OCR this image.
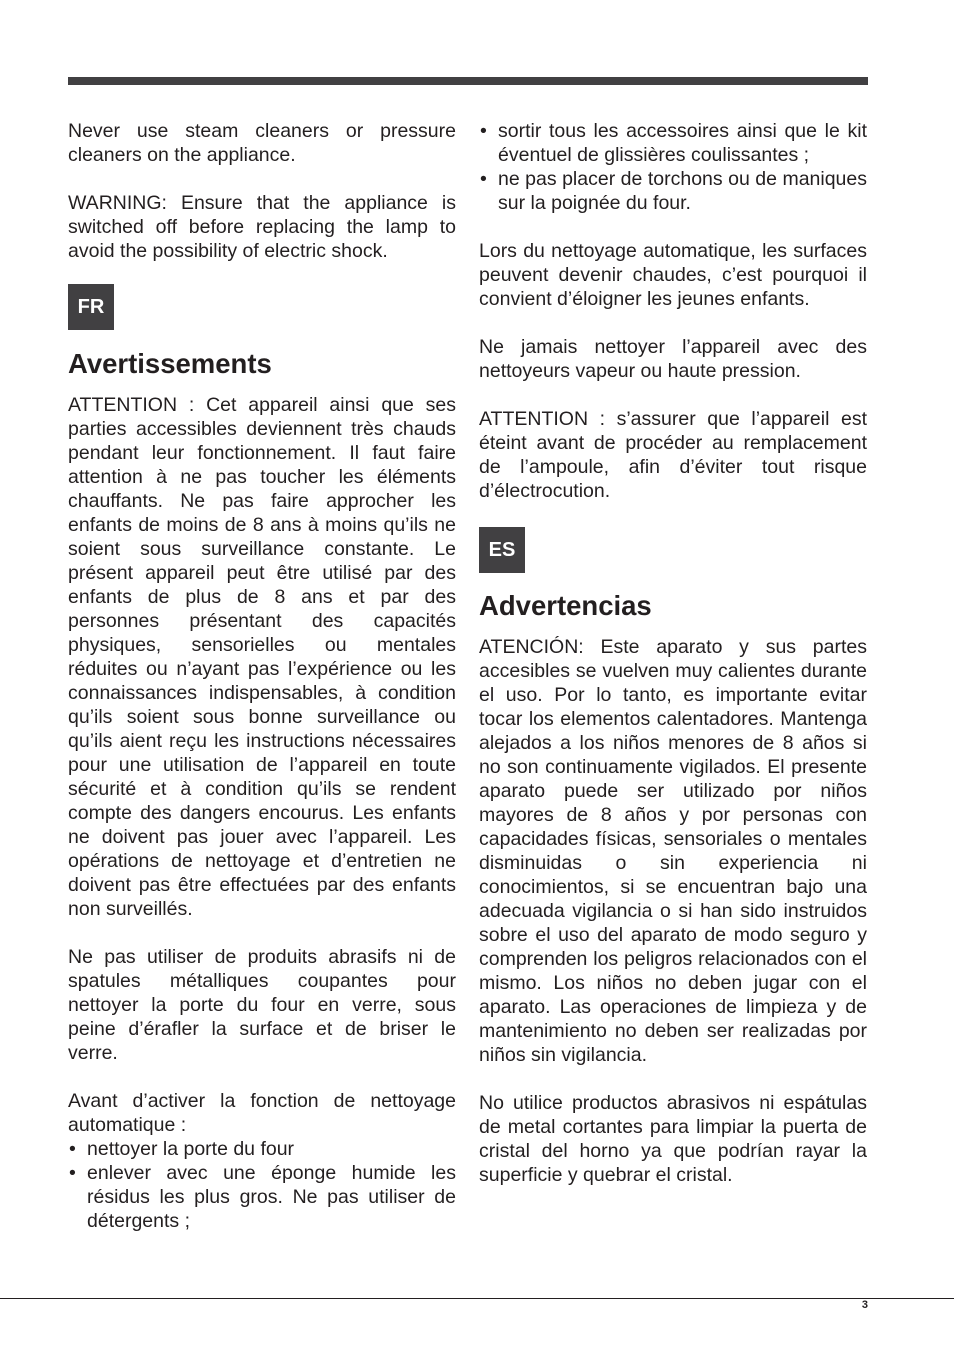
Never use steam cleaners or pressure cleaners on the appliance.

WARNING: Ensure that the appliance is switched off before replacing the lamp to avoid the possibility of electric shock.

FR
Avertissements

ATTENTION : Cet appareil ainsi que ses parties accessibles deviennent très chauds pendant leur fonctionnement. Il faut faire attention à ne pas toucher les éléments chauffants. Ne pas faire approcher les enfants de moins de 8 ans à moins qu’ils ne soient sous surveillance constante. Le présent appareil peut être utilisé par des enfants de plus de 8 ans et par des personnes présentant des capacités physiques, sensorielles ou mentales réduites ou n’ayant pas l’expérience ou les connaissances indispensables, à condition qu’ils soient sous bonne surveillance ou qu’ils aient reçu les instructions nécessaires pour une utilisation de l’appareil en toute sécurité et à condition qu’ils se rendent compte des dangers encourus. Les enfants ne doivent pas jouer avec l’appareil. Les opérations de nettoyage et d’entretien ne doivent pas être effectuées par des enfants non surveillés.

Ne pas utiliser de produits abrasifs ni de spatules métalliques coupantes pour nettoyer la porte du four en verre, sous peine d’érafler la surface et de briser le verre.

Avant d’activer la fonction de nettoyage automatique :

• nettoyer la porte du four
• enlever avec une éponge humide les résidus les plus gros. Ne pas utiliser de détergents ;
• sortir tous les accessoires ainsi que le kit éventuel de glissières coulissantes ;
• ne pas placer de torchons ou de maniques sur la poignée du four.

Lors du nettoyage automatique, les surfaces peuvent devenir chaudes, c’est pourquoi il convient d’éloigner les jeunes enfants.

Ne jamais nettoyer l’appareil avec des nettoyeurs vapeur ou haute pression.

ATTENTION : s’assurer que l’appareil est éteint avant de procéder au remplacement de l’ampoule, afin d’éviter tout risque d’électrocution.

ES
Advertencias

ATENCIÓN: Este aparato y sus partes accesibles se vuelven muy calientes durante el uso. Por lo tanto, es importante evitar tocar los elementos calentadores. Mantenga alejados a los niños menores de 8 años si no son continuamente vigilados. El presente aparato puede ser utilizado por niños mayores de 8 años y por personas con capacidades físicas, sensoriales o mentales disminuidas o sin experiencia ni conocimientos, si se encuentran bajo una adecuada vigilancia o si han sido instruidos sobre el uso del aparato de modo seguro y comprenden los peligros relacionados con el mismo. Los niños no deben jugar con el aparato. Las operaciones de limpieza y de mantenimiento no deben ser realizadas por niños sin vigilancia.

No utilice productos abrasivos ni espátulas de metal cortantes para limpiar la puerta de cristal del horno ya que podrían rayar la superficie y quebrar el cristal.

3
